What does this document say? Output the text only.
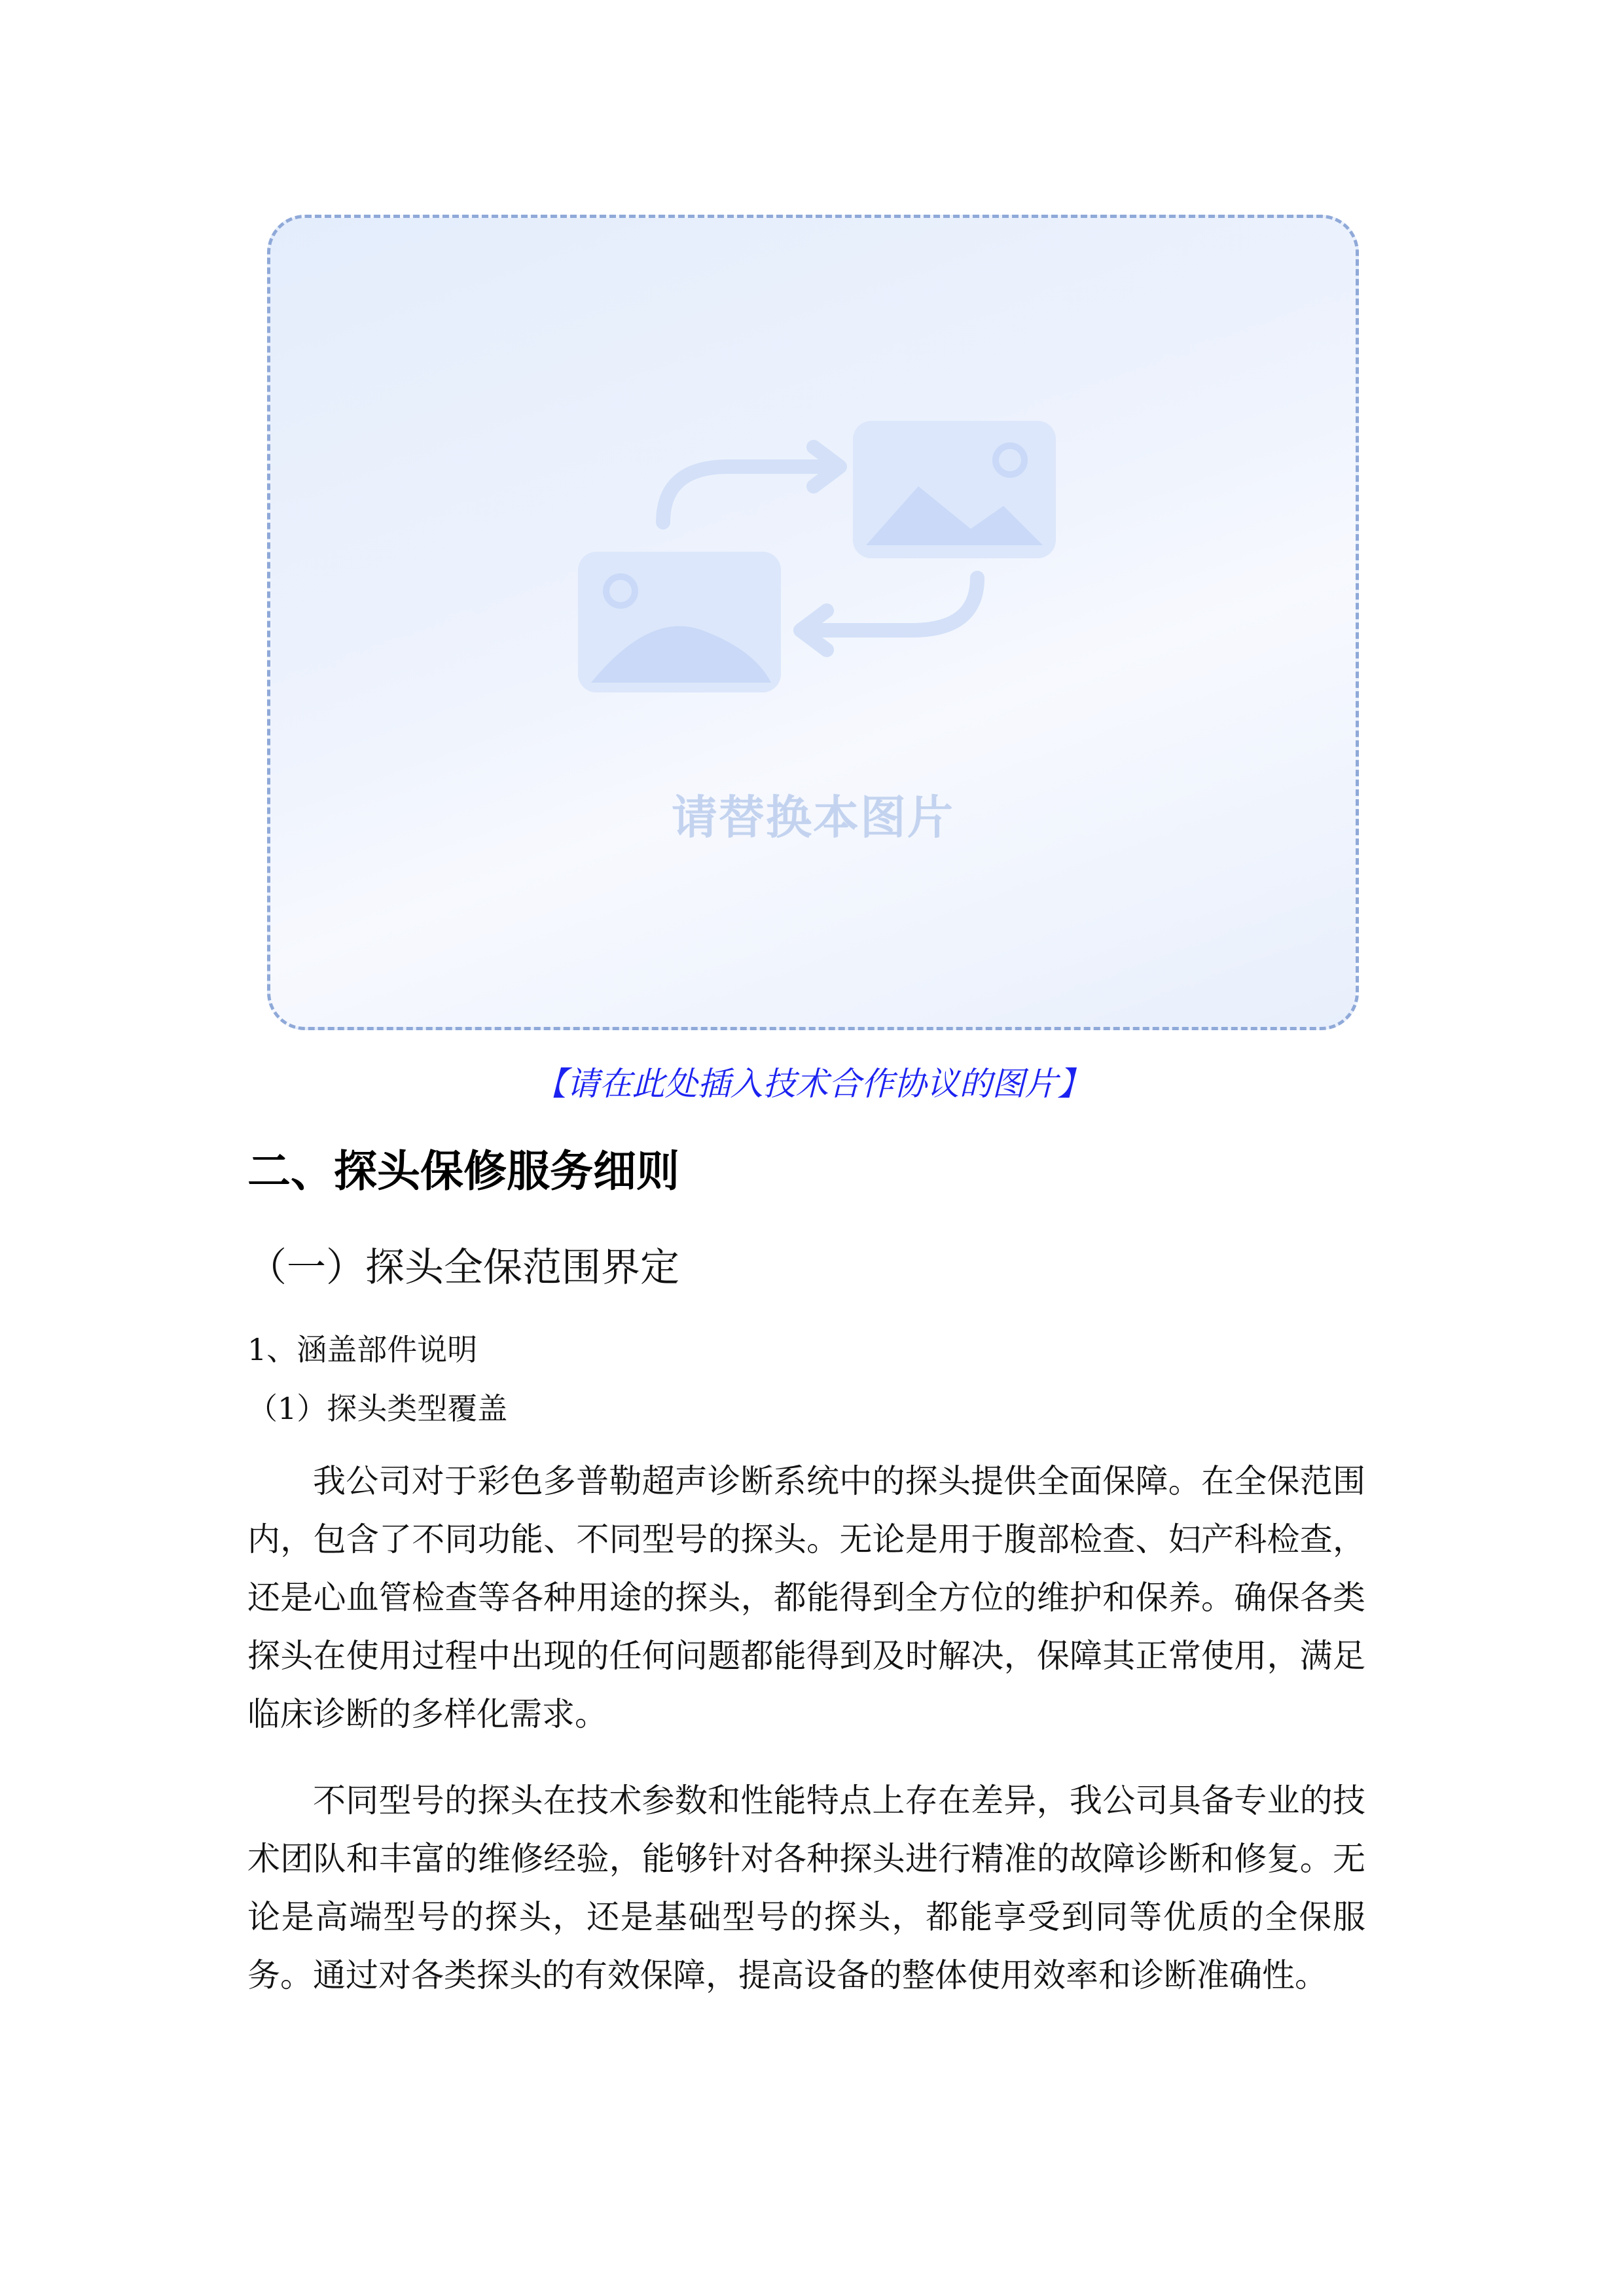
请替换本图片
【请在此处插入技术合作协议的图片】
二、探头保修服务细则
（一）探头全保范围界定
1、涵盖部件说明
（1）探头类型覆盖

我公司对于彩色多普勒超声诊断系统中的探头提供全面保障。在全保范围内，包含了不同功能、不同型号的探头。无论是用于腹部检查、妇产科检查，还是心血管检查等各种用途的探头，都能得到全方位的维护和保养。确保各类探头在使用过程中出现的任何问题都能得到及时解决，保障其正常使用，满足临床诊断的多样化需求。

不同型号的探头在技术参数和性能特点上存在差异，我公司具备专业的技术团队和丰富的维修经验，能够针对各种探头进行精准的故障诊断和修复。无论是高端型号的探头，还是基础型号的探头，都能享受到同等优质的全保服务。通过对各类探头的有效保障，提高设备的整体使用效率和诊断准确性。
